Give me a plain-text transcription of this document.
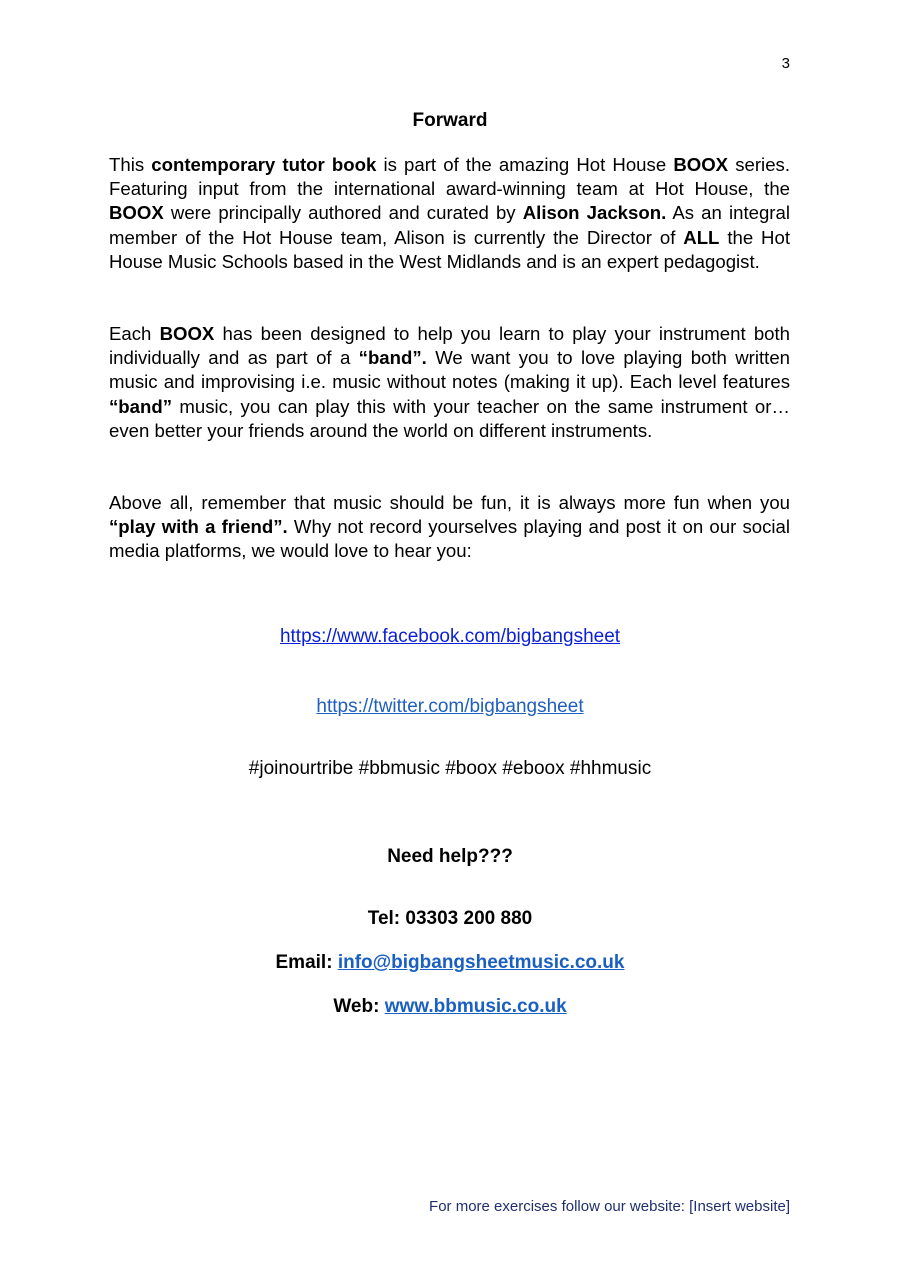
3
Forward
This contemporary tutor book is part of the amazing Hot House BOOX series. Featuring input from the international award-winning team at Hot House, the BOOX were principally authored and curated by Alison Jackson. As an integral member of the Hot House team, Alison is currently the Director of ALL the Hot House Music Schools based in the West Midlands and is an expert pedagogist.
Each BOOX has been designed to help you learn to play your instrument both individually and as part of a “band”. We want you to love playing both written music and improvising i.e. music without notes (making it up). Each level features “band” music, you can play this with your teacher on the same instrument or… even better your friends around the world on different instruments.
Above all, remember that music should be fun, it is always more fun when you “play with a friend”. Why not record yourselves playing and post it on our social media platforms, we would love to hear you:
https://www.facebook.com/bigbangsheet
https://twitter.com/bigbangsheet
#joinourtribe #bbmusic #boox #eboox #hhmusic
Need help???
Tel: 03303 200 880
Email: info@bigbangsheetmusic.co.uk
Web: www.bbmusic.co.uk
For more exercises follow our website: [Insert website]
